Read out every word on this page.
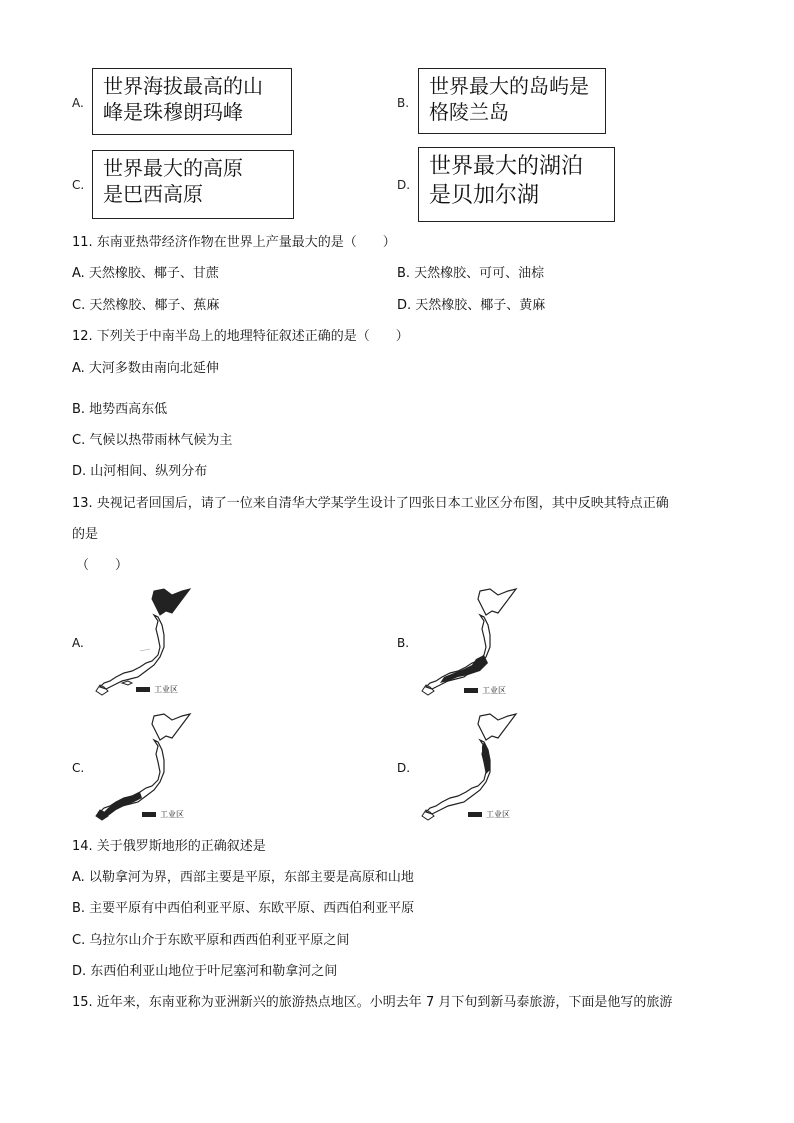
A.
世界海拔最高的山
峰是珠穆朗玛峰	B.
世界最大的岛屿是
格陵兰岛
C.
世界最大的高原
是巴西高原	D.
世界最大的湖泊
是贝加尔湖
11. 东南亚热带经济作物在世界上产量最大的是（　　）
A. 天然橡胶、椰子、甘蔗	B. 天然橡胶、可可、油棕
C. 天然橡胶、椰子、蕉麻	D. 天然橡胶、椰子、黄麻
12. 下列关于中南半岛上的地理特征叙述正确的是（　　）
A. 大河多数由南向北延伸
B. 地势西高东低
C. 气候以热带雨林气候为主
D. 山河相间、纵列分布
13. 央视记者回国后，请了一位来自清华大学某学生设计了四张日本工业区分布图，其中反映其特点正确
的是
（　　）
A.
工业区
B.
工业区
C.
工业区
D.
工业区
14. 关于俄罗斯地形的正确叙述是
A. 以勒拿河为界，西部主要是平原，东部主要是高原和山地
B. 主要平原有中西伯利亚平原、东欧平原、西西伯利亚平原
C. 乌拉尔山介于东欧平原和西西伯利亚平原之间
D. 东西伯利亚山地位于叶尼塞河和勒拿河之间
15. 近年来，东南亚称为亚洲新兴的旅游热点地区。小明去年 7 月下旬到新马泰旅游，下面是他写的旅游
